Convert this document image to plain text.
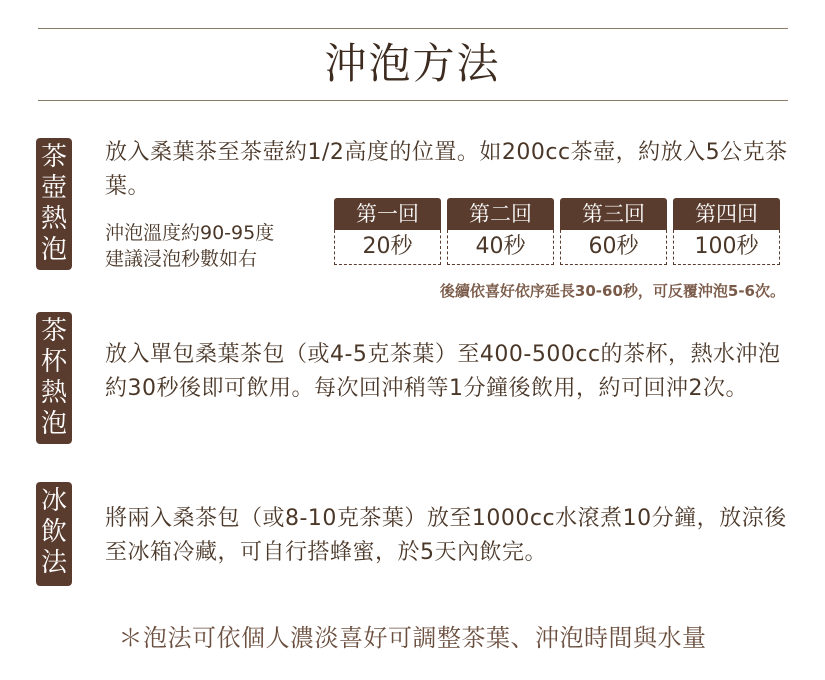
沖泡方法
茶
壺
熱
泡
放入桑葉茶至茶壺約1/2高度的位置。如200cc茶壺，約放入5公克茶葉。
沖泡溫度約90-95度
建議浸泡秒數如右
第一回
20秒
第二回
40秒
第三回
60秒
第四回
100秒
後續依喜好依序延長30-60秒，可反覆沖泡5-6次。
茶
杯
熱
泡
放入單包桑葉茶包（或4-5克茶葉）至400-500cc的茶杯，熱水沖泡約30秒後即可飲用。每次回沖稍等1分鐘後飲用，約可回沖2次。
冰
飲
法
將兩入桑茶包（或8-10克茶葉）放至1000cc水滾煮10分鐘，放涼後至冰箱冷藏，可自行搭蜂蜜，於5天內飲完。
＊泡法可依個人濃淡喜好可調整茶葉、沖泡時間與水量
